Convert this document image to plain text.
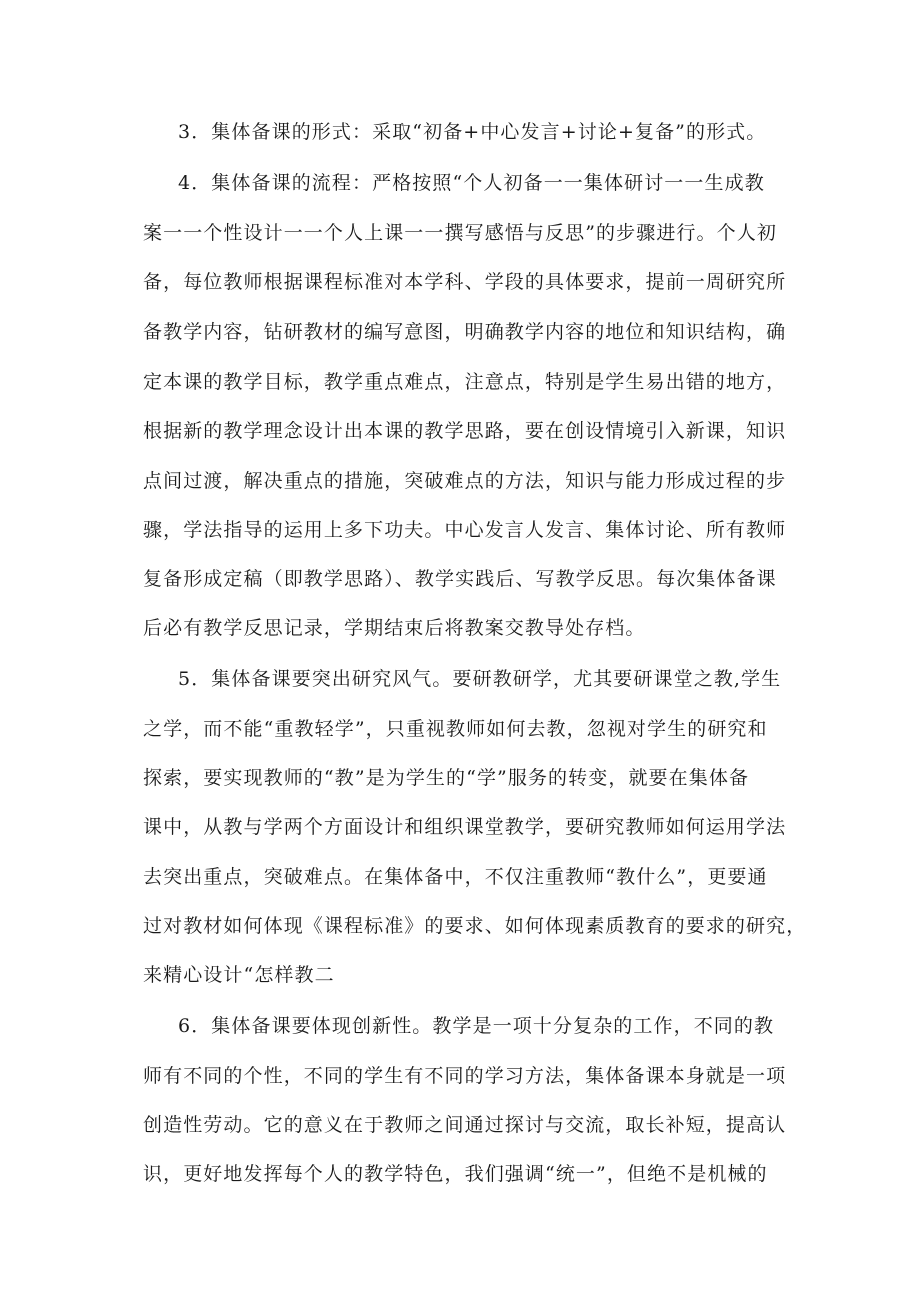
3．集体备课的形式：采取“初备+中心发言+讨论+复备”的形式。
4．集体备课的流程：严格按照“个人初备一一集体研讨一一生成教
案一一个性设计一一个人上课一一撰写感悟与反思”的步骤进行。个人初
备，每位教师根据课程标准对本学科、学段的具体要求，提前一周研究所
备教学内容，钻研教材的编写意图，明确教学内容的地位和知识结构，确
定本课的教学目标，教学重点难点，注意点，特别是学生易出错的地方，
根据新的教学理念设计出本课的教学思路，要在创设情境引入新课，知识
点间过渡，解决重点的措施，突破难点的方法，知识与能力形成过程的步
骤，学法指导的运用上多下功夫。中心发言人发言、集体讨论、所有教师
复备形成定稿（即教学思路）、教学实践后、写教学反思。每次集体备课
后必有教学反思记录，学期结束后将教案交教导处存档。
5．集体备课要突出研究风气。要研教研学，尤其要研课堂之教,学生
之学，而不能“重教轻学”，只重视教师如何去教，忽视对学生的研究和
探索，要实现教师的“教”是为学生的“学”服务的转变，就要在集体备
课中，从教与学两个方面设计和组织课堂教学，要研究教师如何运用学法
去突出重点，突破难点。在集体备中，不仅注重教师“教什么”，更要通
过对教材如何体现《课程标准》的要求、如何体现素质教育的要求的研究，
来精心设计“怎样教二
6．集体备课要体现创新性。教学是一项十分复杂的工作，不同的教
师有不同的个性，不同的学生有不同的学习方法，集体备课本身就是一项
创造性劳动。它的意义在于教师之间通过探讨与交流，取长补短，提高认
识，更好地发挥每个人的教学特色，我们强调“统一”，但绝不是机械的
